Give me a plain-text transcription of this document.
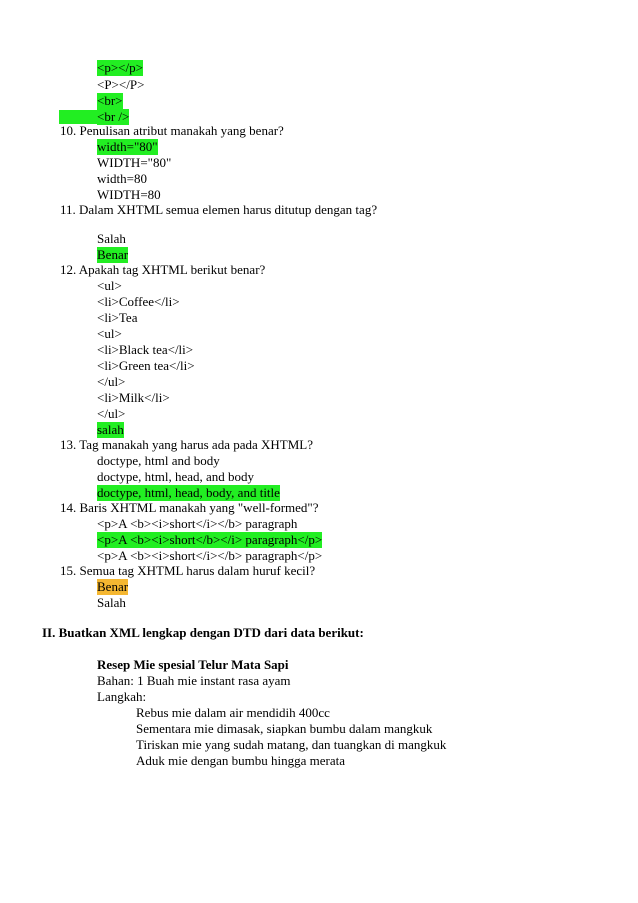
<p></p>
<P></P>
<br>
<br />
10. Penulisan atribut manakah yang benar?
width="80"
WIDTH="80"
width=80
WIDTH=80
11. Dalam XHTML semua elemen harus ditutup dengan tag?
Salah
Benar
12. Apakah tag XHTML berikut benar?
<ul>
<li>Coffee</li>
<li>Tea
<ul>
<li>Black tea</li>
<li>Green tea</li>
</ul>
<li>Milk</li>
</ul>
salah
13. Tag manakah yang harus ada pada XHTML?
doctype, html and body
doctype, html, head, and body
doctype, html, head, body, and title
14. Baris XHTML manakah yang "well-formed"?
<p>A <b><i>short</i></b> paragraph
<p>A <b><i>short</b></i> paragraph</p>
<p>A <b><i>short</i></b> paragraph</p>
15. Semua tag XHTML harus dalam huruf kecil?
Benar
Salah
II. Buatkan XML lengkap dengan DTD dari data berikut:
Resep Mie spesial Telur Mata Sapi
Bahan: 1 Buah mie instant rasa ayam
Langkah:
Rebus mie dalam air mendidih 400cc
Sementara mie dimasak, siapkan bumbu dalam mangkuk
Tiriskan mie yang sudah matang, dan tuangkan di mangkuk
Aduk mie dengan bumbu hingga merata
